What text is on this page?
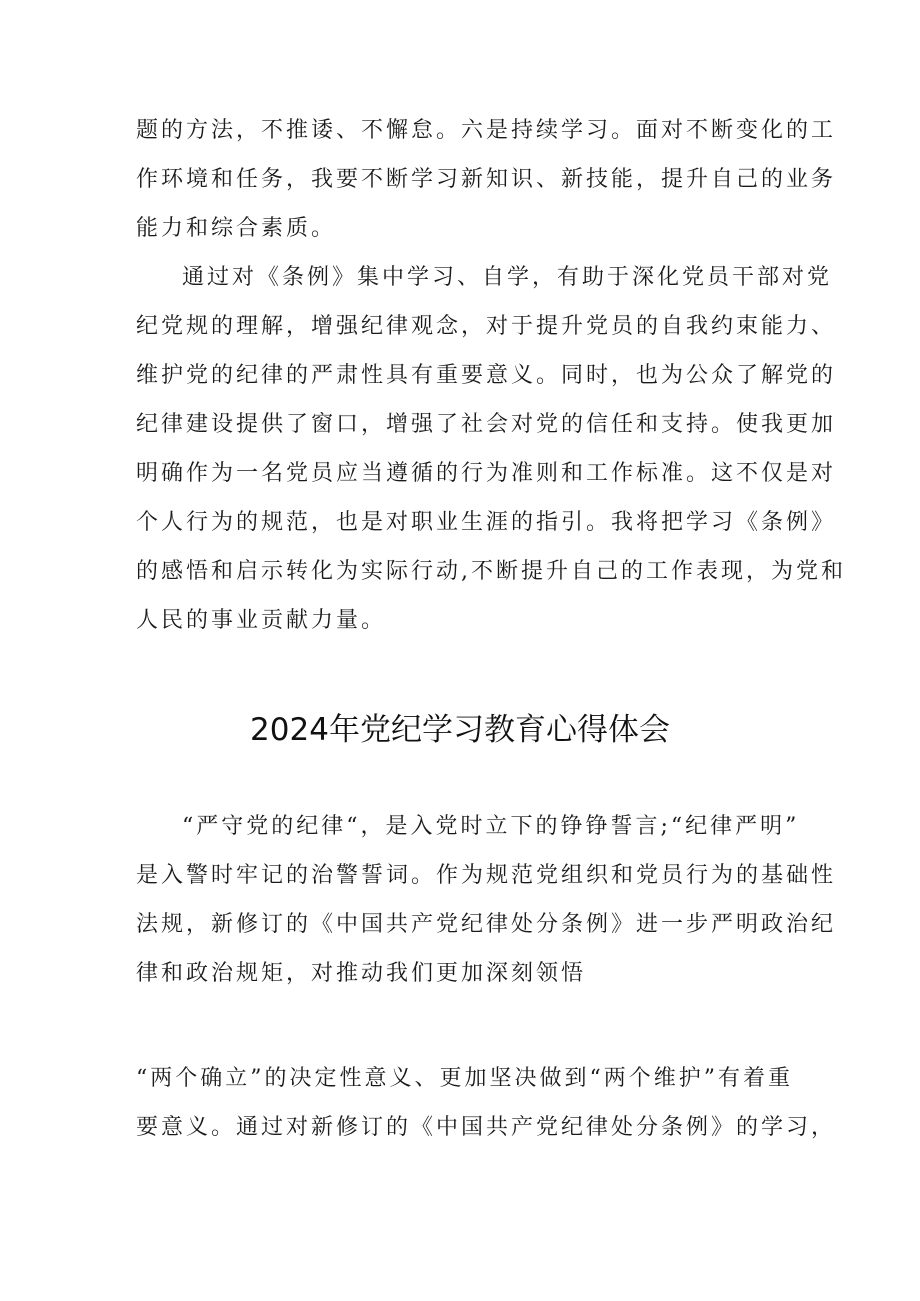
题的方法，不推诿、不懈怠。六是持续学习。面对不断变化的工
作环境和任务，我要不断学习新知识、新技能，提升自己的业务
能力和综合素质。
通过对《条例》集中学习、自学，有助于深化党员干部对党
纪党规的理解，增强纪律观念，对于提升党员的自我约束能力、
维护党的纪律的严肃性具有重要意义。同时，也为公众了解党的
纪律建设提供了窗口，增强了社会对党的信任和支持。使我更加
明确作为一名党员应当遵循的行为准则和工作标准。这不仅是对
个人行为的规范，也是对职业生涯的指引。我将把学习《条例》
的感悟和启示转化为实际行动,不断提升自己的工作表现，为党和
人民的事业贡献力量。
2024年党纪学习教育心得体会
“严守党的纪律“，是入党时立下的铮铮誓言;“纪律严明”
是入警时牢记的治警誓词。作为规范党组织和党员行为的基础性
法规，新修订的《中国共产党纪律处分条例》进一步严明政治纪
律和政治规矩，对推动我们更加深刻领悟
“两个确立”的决定性意义、更加坚决做到“两个维护”有着重
要意义。通过对新修订的《中国共产党纪律处分条例》的学习，
